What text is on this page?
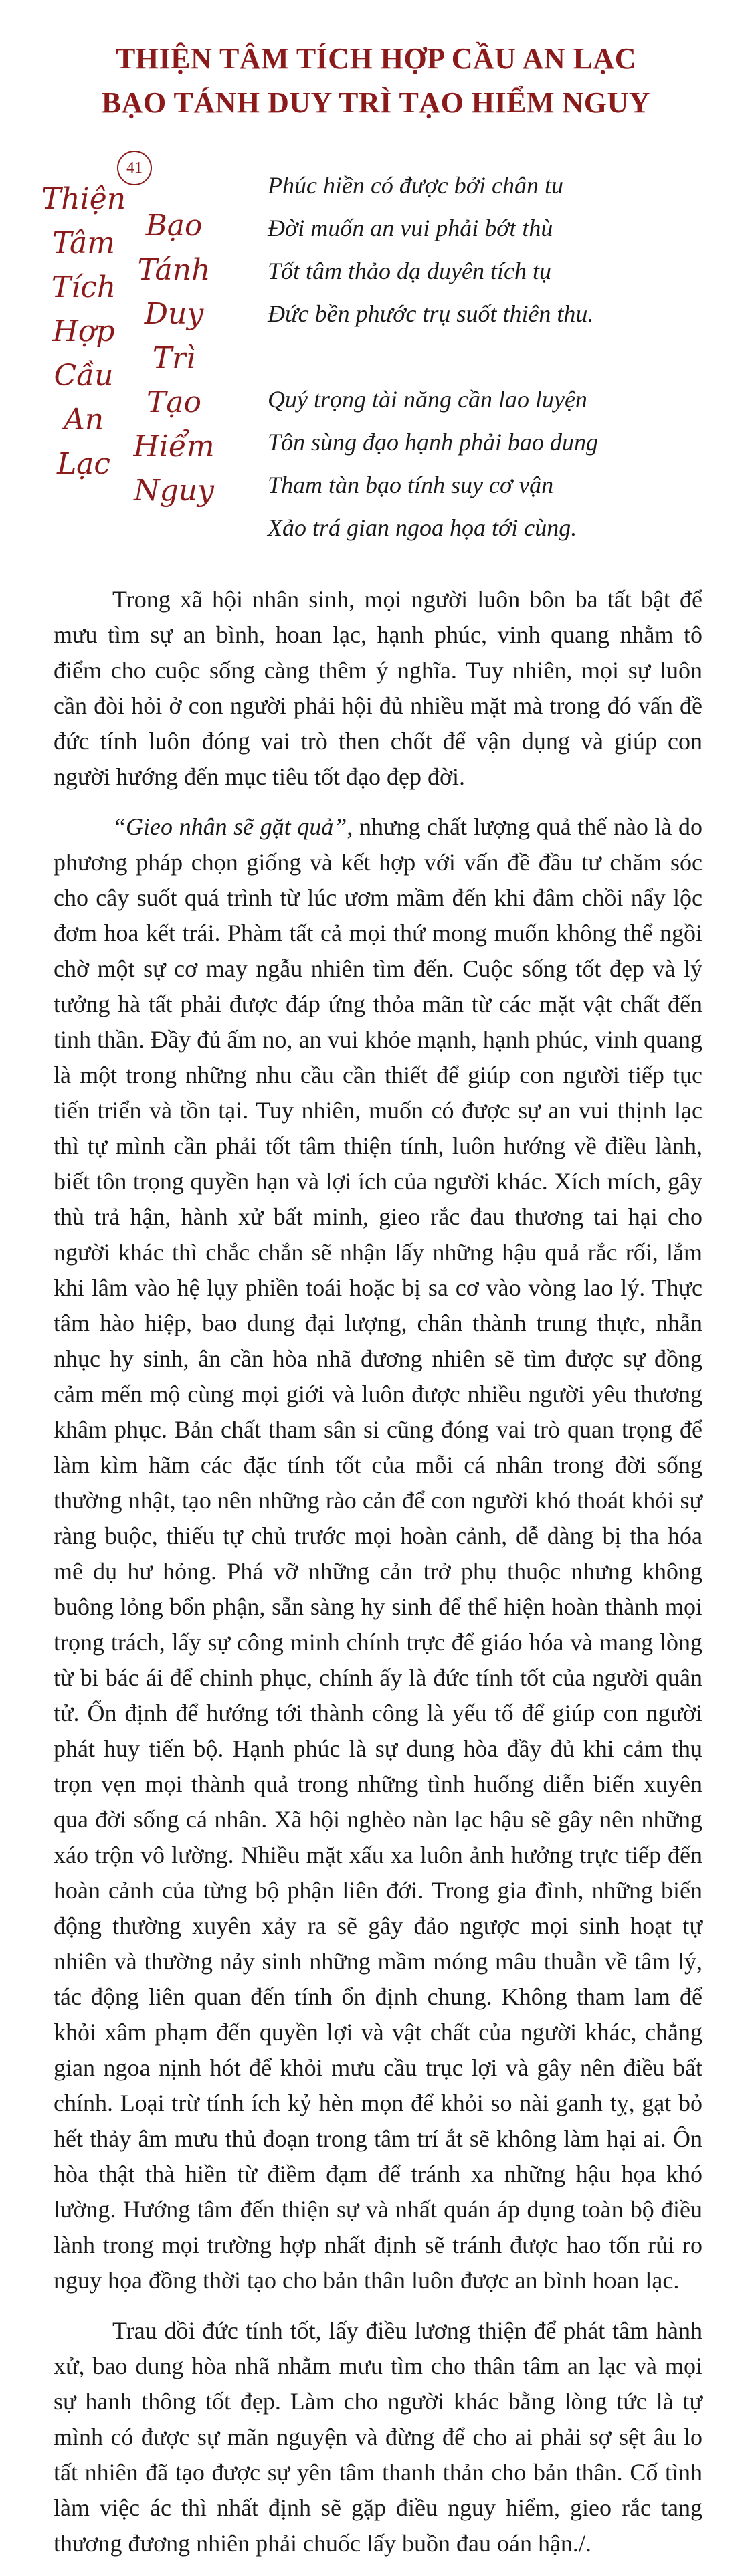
THIỆN TÂM TÍCH HỢP CẦU AN LẠC
BẠO TÁNH DUY TRÌ TẠO HIỂM NGUY
41
Thiện
Tâm
Tích
Hợp
Cầu
An
Lạc
Bạo
Tánh
Duy
Trì
Tạo
Hiểm
Nguy
Phúc hiền có được bởi chân tu
Đời muốn an vui phải bớt thù
Tốt tâm thảo dạ duyên tích tụ
Đức bền phước trụ suốt thiên thu.
Quý trọng tài năng cần lao luyện
Tôn sùng đạo hạnh phải bao dung
Tham tàn bạo tính suy cơ vận
Xảo trá gian ngoa họa tới cùng.

Trong xã hội nhân sinh, mọi người luôn bôn ba tất bật để mưu tìm sự an bình, hoan lạc, hạnh phúc, vinh quang nhằm tô điểm cho cuộc sống càng thêm ý nghĩa. Tuy nhiên, mọi sự luôn cần đòi hỏi ở con người phải hội đủ nhiều mặt mà trong đó vấn đề đức tính luôn đóng vai trò then chốt để vận dụng và giúp con người hướng đến mục tiêu tốt đạo đẹp đời.

“Gieo nhân sẽ gặt quả”, nhưng chất lượng quả thế nào là do phương pháp chọn giống và kết hợp với vấn đề đầu tư chăm sóc cho cây suốt quá trình từ lúc ươm mầm đến khi đâm chồi nẩy lộc đơm hoa kết trái. Phàm tất cả mọi thứ mong muốn không thể ngồi chờ một sự cơ may ngẫu nhiên tìm đến. Cuộc sống tốt đẹp và lý tưởng hà tất phải được đáp ứng thỏa mãn từ các mặt vật chất đến tinh thần. Đầy đủ ấm no, an vui khỏe mạnh, hạnh phúc, vinh quang là một trong những nhu cầu cần thiết để giúp con người tiếp tục tiến triển và tồn tại. Tuy nhiên, muốn có được sự an vui thịnh lạc thì tự mình cần phải tốt tâm thiện tính, luôn hướng về điều lành, biết tôn trọng quyền hạn và lợi ích của người khác. Xích mích, gây thù trả hận, hành xử bất minh, gieo rắc đau thương tai hại cho người khác thì chắc chắn sẽ nhận lấy những hậu quả rắc rối, lắm khi lâm vào hệ lụy phiền toái hoặc bị sa cơ vào vòng lao lý. Thực tâm hào hiệp, bao dung đại lượng, chân thành trung thực, nhẫn nhục hy sinh, ân cần hòa nhã đương nhiên sẽ tìm được sự đồng cảm mến mộ cùng mọi giới và luôn được nhiều người yêu thương khâm phục. Bản chất tham sân si cũng đóng vai trò quan trọng để làm kìm hãm các đặc tính tốt của mỗi cá nhân trong đời sống thường nhật, tạo nên những rào cản để con người khó thoát khỏi sự ràng buộc, thiếu tự chủ trước mọi hoàn cảnh, dễ dàng bị tha hóa mê dụ hư hỏng. Phá vỡ những cản trở phụ thuộc nhưng không buông lỏng bổn phận, sẵn sàng hy sinh để thể hiện hoàn thành mọi trọng trách, lấy sự công minh chính trực để giáo hóa và mang lòng từ bi bác ái để chinh phục, chính ấy là đức tính tốt của người quân tử. Ổn định để hướng tới thành công là yếu tố để giúp con người phát huy tiến bộ. Hạnh phúc là sự dung hòa đầy đủ khi cảm thụ trọn vẹn mọi thành quả trong những tình huống diễn biến xuyên qua đời sống cá nhân. Xã hội nghèo nàn lạc hậu sẽ gây nên những xáo trộn vô lường. Nhiều mặt xấu xa luôn ảnh hưởng trực tiếp đến hoàn cảnh của từng bộ phận liên đới. Trong gia đình, những biến động thường xuyên xảy ra sẽ gây đảo ngược mọi sinh hoạt tự nhiên và thường nảy sinh những mầm móng mâu thuẫn về tâm lý, tác động liên quan đến tính ổn định chung. Không tham lam để khỏi xâm phạm đến quyền lợi và vật chất của người khác, chẳng gian ngoa nịnh hót để khỏi mưu cầu trục lợi và gây nên điều bất chính. Loại trừ tính ích kỷ hèn mọn để khỏi so nài ganh tỵ, gạt bỏ hết thảy âm mưu thủ đoạn trong tâm trí ắt sẽ không làm hại ai. Ôn hòa thật thà hiền từ điềm đạm để tránh xa những hậu họa khó lường. Hướng tâm đến thiện sự và nhất quán áp dụng toàn bộ điều lành trong mọi trường hợp nhất định sẽ tránh được hao tốn rủi ro nguy họa đồng thời tạo cho bản thân luôn được an bình hoan lạc.

Trau dồi đức tính tốt, lấy điều lương thiện để phát tâm hành xử, bao dung hòa nhã nhằm mưu tìm cho thân tâm an lạc và mọi sự hanh thông tốt đẹp. Làm cho người khác bằng lòng tức là tự mình có được sự mãn nguyện và đừng để cho ai phải sợ sệt âu lo tất nhiên đã tạo được sự yên tâm thanh thản cho bản thân. Cố tình làm việc ác thì nhất định sẽ gặp điều nguy hiểm, gieo rắc tang thương đương nhiên phải chuốc lấy buồn đau oán hận./.
